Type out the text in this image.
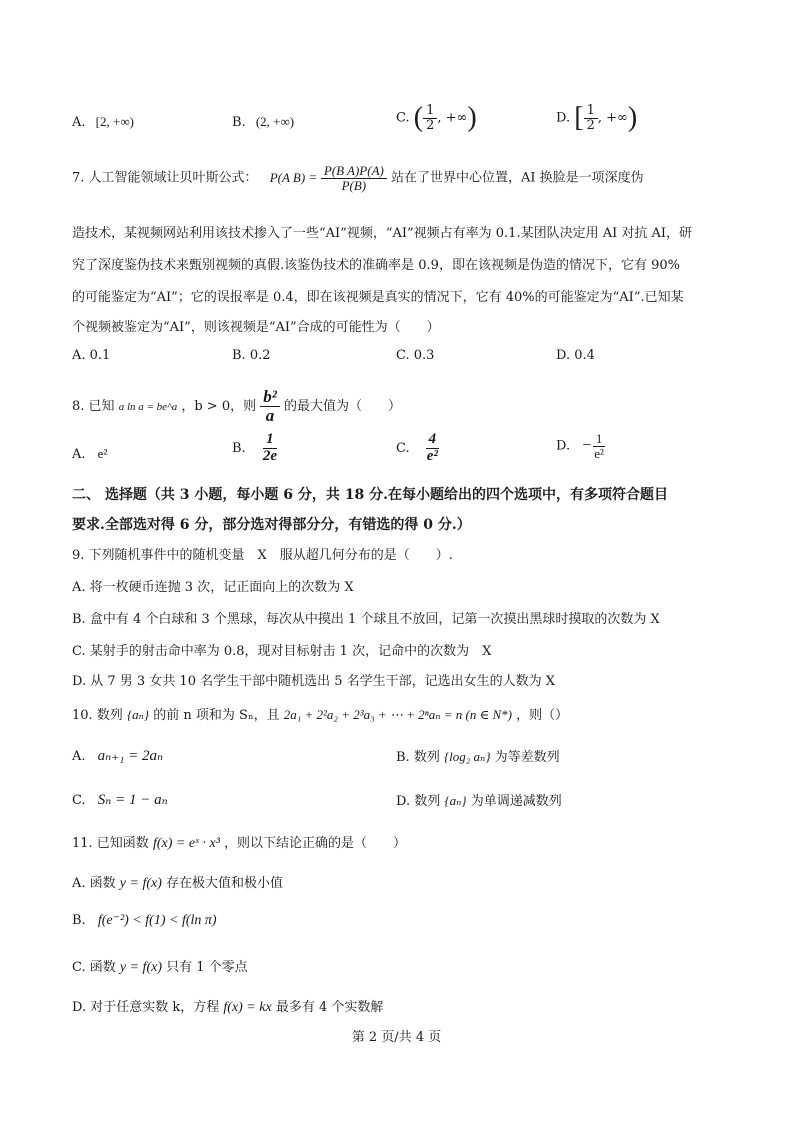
A. [2, +∞)	B. (2, +∞)	C. ( $\frac{1}{2}$ , +∞)	D. [ $\frac{1}{2}$ , +∞)
7. 人工智能领域让贝叶斯公式： P(A $B) = \frac{\text{P(B A)P(A)}}{P(B)}$ 站在了世界中心位置，AI 换脸是一项深度伪
造技术，某视频网站利用该技术掺入了一些“AI”视频，“AI”视频占有率为 0.1.某团队决定用 AI 对抗 AI，研
究了深度鉴伪技术来甄别视频的真假.该鉴伪技术的准确率是 0.9，即在该视频是伪造的情况下，它有 90%
的可能鉴定为“AI”；它的误报率是 0.4，即在该视频是真实的情况下，它有 40%的可能鉴定为“AI”.已知某
个视频被鉴定为“AI”，则该视频是“AI”合成的可能性为（　　）
A. 0.1	B. 0.2	C. 0.3	D. 0.4
8. 已知 a ln a = be^a ，b > 0，则 $\frac{\text{b²}}{a}$ 的最大值为（　　）
A. e²	B. $\frac{1}{2e}$	C. $\frac{4}{\text{e²}}$	D. − $\frac{1}{\text{e²}}$
二、 选择题（共 3 小题，每小题 6 分，共 18 分.在每小题给出的四个选项中，有多项符合题目
要求.全部选对得 6 分，部分选对得部分分，有错选的得 0 分.）
9. 下列随机事件中的随机变量　X　服从超几何分布的是（　　）.
A. 将一枚硬币连抛 3 次，记正面向上的次数为 X
B. 盒中有 4 个白球和 3 个黑球，每次从中摸出 1 个球且不放回，记第一次摸出黑球时摸取的次数为 X
C. 某射手的射击命中率为 0.8，现对目标射击 1 次，记命中的次数为　X
D. 从 7 男 3 女共 10 名学生干部中随机选出 5 名学生干部，记选出女生的人数为 X
10. 数列 {aₙ} 的前 n 项和为 Sₙ，且 2a₁ + 2²a₂ + 2³a₃ + ⋯ + 2ⁿaₙ = n (n ∈ N*) ，则（）
A. aₙ₊₁ = 2aₙ	B. 数列 {log₂ aₙ} 为等差数列
C. Sₙ = 1 − aₙ	D. 数列 {aₙ} 为单调递减数列
11. 已知函数 f(x) = eˣ · x³ ，则以下结论正确的是（　　）
A. 函数 y = f(x) 存在极大值和极小值
B. f(e⁻²) < f(1) < f(ln π)
C. 函数 y = f(x) 只有 1 个零点
D. 对于任意实数 k，方程 f(x) = kx 最多有 4 个实数解
第 2 页/共 4 页
